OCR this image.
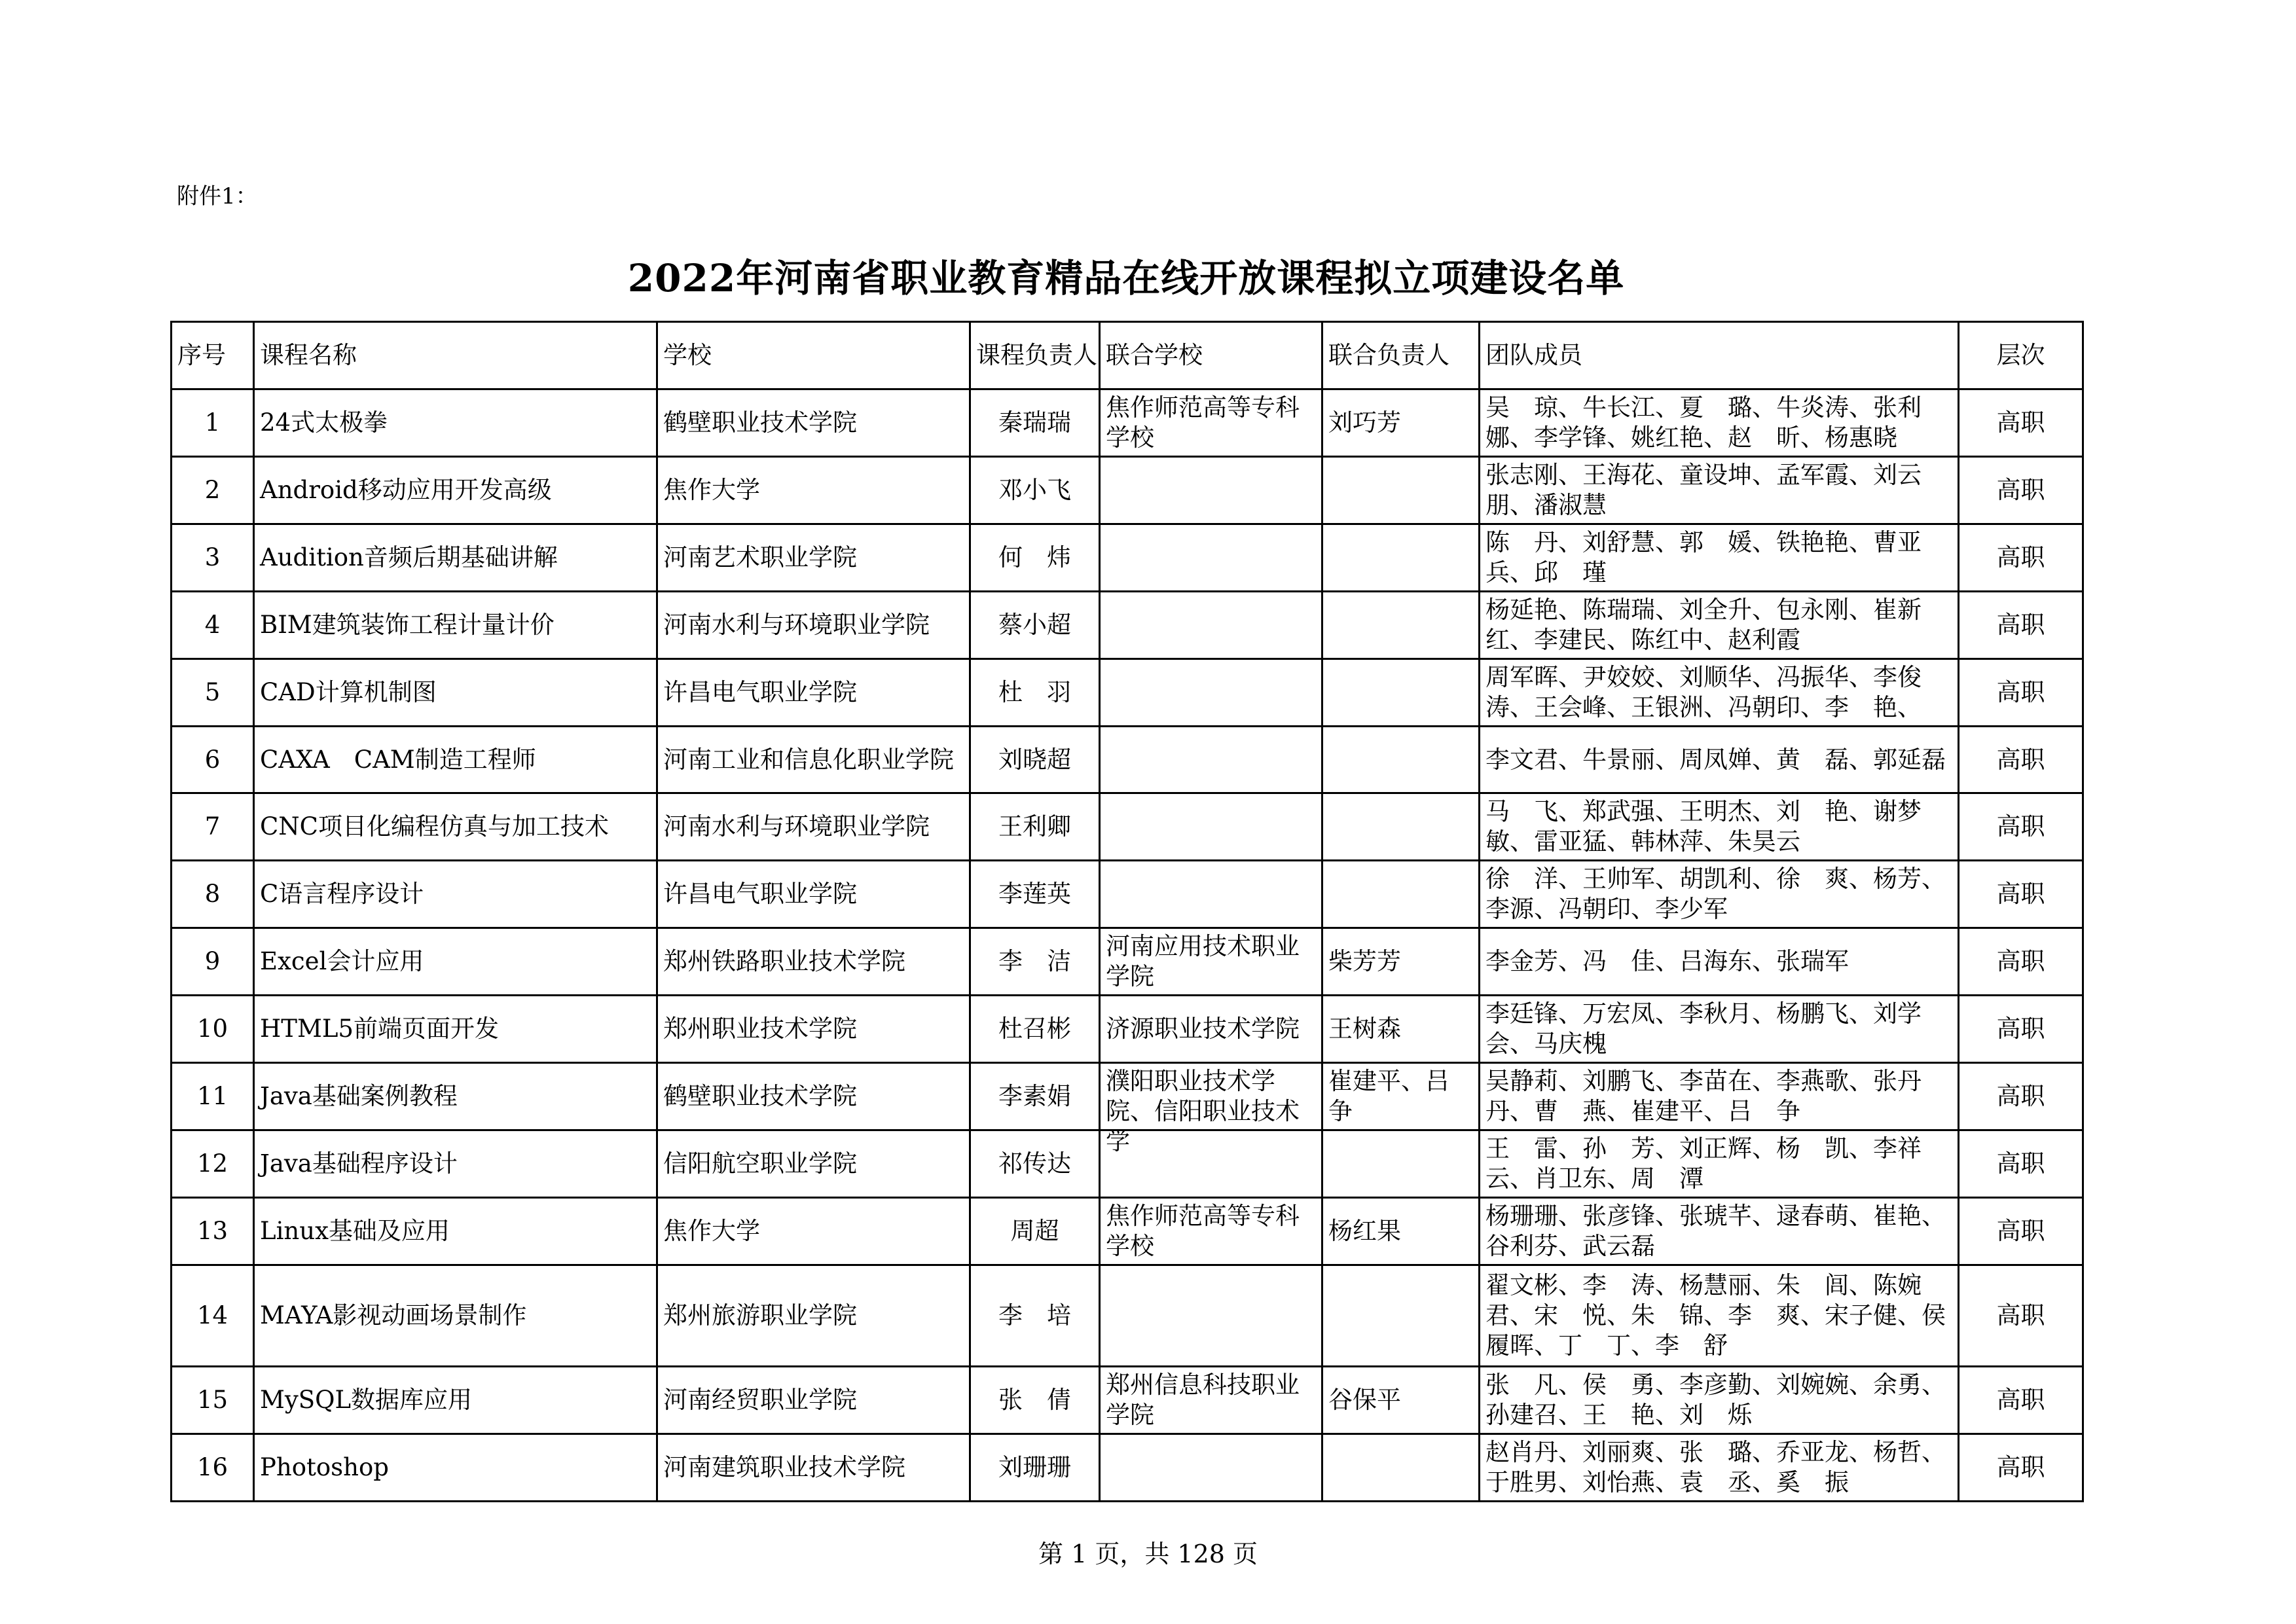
附件1：
2022年河南省职业教育精品在线开放课程拟立项建设名单
序号	课程名称	学校	课程负责人	联合学校	联合负责人	团队成员	层次

1	24式太极拳	鹤壁职业技术学院	秦瑞瑞	焦作师范高等专科学校	刘巧芳	吴　琼、牛长江、夏　璐、牛炎涛、张利娜、李学锋、姚红艳、赵　昕、杨惠晓	高职

2	Android移动应用开发高级	焦作大学	邓小飞			张志刚、王海花、童设坤、孟军霞、刘云朋、潘淑慧	高职

3	Audition音频后期基础讲解	河南艺术职业学院	何　炜			陈　丹、刘舒慧、郭　媛、铁艳艳、曹亚兵、邱　瑾	高职

4	BIM建筑装饰工程计量计价	河南水利与环境职业学院	蔡小超			杨延艳、陈瑞瑞、刘全升、包永刚、崔新红、李建民、陈红中、赵利霞	高职

5	CAD计算机制图	许昌电气职业学院	杜　羽			周军晖、尹姣姣、刘顺华、冯振华、李俊涛、王会峰、王银洲、冯朝印、李　艳、	高职

6	CAXA　CAM制造工程师	河南工业和信息化职业学院	刘晓超			李文君、牛景丽、周凤婵、黄　磊、郭延磊	高职

7	CNC项目化编程仿真与加工技术	河南水利与环境职业学院	王利卿			马　飞、郑武强、王明杰、刘　艳、谢梦敏、雷亚猛、韩林萍、朱昊云	高职

8	C语言程序设计	许昌电气职业学院	李莲英			徐　洋、王帅军、胡凯利、徐　爽、杨芳、李源、冯朝印、李少军	高职

9	Excel会计应用	郑州铁路职业技术学院	李　洁	河南应用技术职业学院	柴芳芳	李金芳、冯　佳、吕海东、张瑞军	高职

10	HTML5前端页面开发	郑州职业技术学院	杜召彬	济源职业技术学院	王树森	李廷锋、万宏凤、李秋月、杨鹏飞、刘学会、马庆槐	高职

11	Java基础案例教程	鹤壁职业技术学院	李素娟	濮阳职业技术学院、信阳职业技术学	崔建平、吕　争	吴静莉、刘鹏飞、李苗在、李燕歌、张丹丹、曹　燕、崔建平、吕　争	高职

12	Java基础程序设计	信阳航空职业学院	祁传达			王　雷、孙　芳、刘正辉、杨　凯、李祥云、肖卫东、周　潭	高职

13	Linux基础及应用	焦作大学	周超	焦作师范高等专科学校	杨红果	杨珊珊、张彦锋、张琥芊、逯春萌、崔艳、谷利芬、武云磊	高职

14	MAYA影视动画场景制作	郑州旅游职业学院	李　培			翟文彬、李　涛、杨慧丽、朱　闾、陈婉君、宋　悦、朱　锦、李　爽、宋子健、侯履晖、丁　丁、李　舒	高职

15	MySQL数据库应用	河南经贸职业学院	张　倩	郑州信息科技职业学院	谷保平	张　凡、侯　勇、李彦勤、刘婉婉、余勇、孙建召、王　艳、刘　烁	高职

16	Photoshop	河南建筑职业技术学院	刘珊珊			赵肖丹、刘丽爽、张　璐、乔亚龙、杨哲、于胜男、刘怡燕、袁　丞、奚　振	高职
第 1 页，共 128 页
